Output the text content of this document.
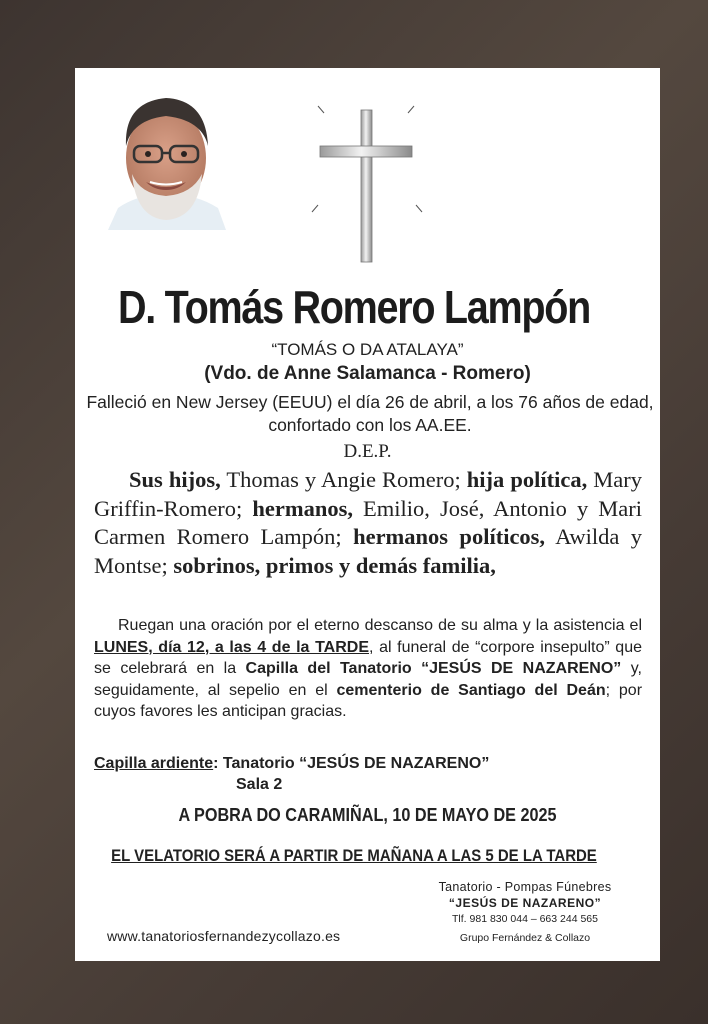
D. Tomás Romero Lampón
“TOMÁS O DA ATALAYA”
(Vdo. de Anne Salamanca - Romero)
Falleció en New Jersey (EEUU) el día 26 de abril, a los 76 años de edad, confortado con los AA.EE.
D.E.P.
Sus hijos, Thomas y Angie Romero; hija política, Mary Griffin-Romero; hermanos, Emilio, José, Antonio y Mari Carmen Romero Lampón; hermanos políticos, Awilda y Montse; sobrinos, primos y demás familia,
Ruegan una oración por el eterno descanso de su alma y la asistencia el LUNES, día 12, a las 4 de la TARDE, al funeral de “corpore insepulto” que se celebrará en la Capilla del Tanatorio “JESÚS DE NAZARENO” y, seguidamente, al sepelio en el cementerio de Santiago del Deán; por cuyos favores les anticipan gracias.
Capilla ardiente: Tanatorio “JESÚS DE NAZARENO”
Sala 2
A POBRA DO CARAMIÑAL, 10 DE MAYO DE 2025
EL VELATORIO SERÁ A PARTIR DE MAÑANA A LAS 5 DE LA TARDE
Tanatorio - Pompas Fúnebres
“JESÚS DE NAZARENO”
Tlf. 981 830 044 – 663 244 565
Grupo Fernández & Collazo
www.tanatoriosfernandezycollazo.es
